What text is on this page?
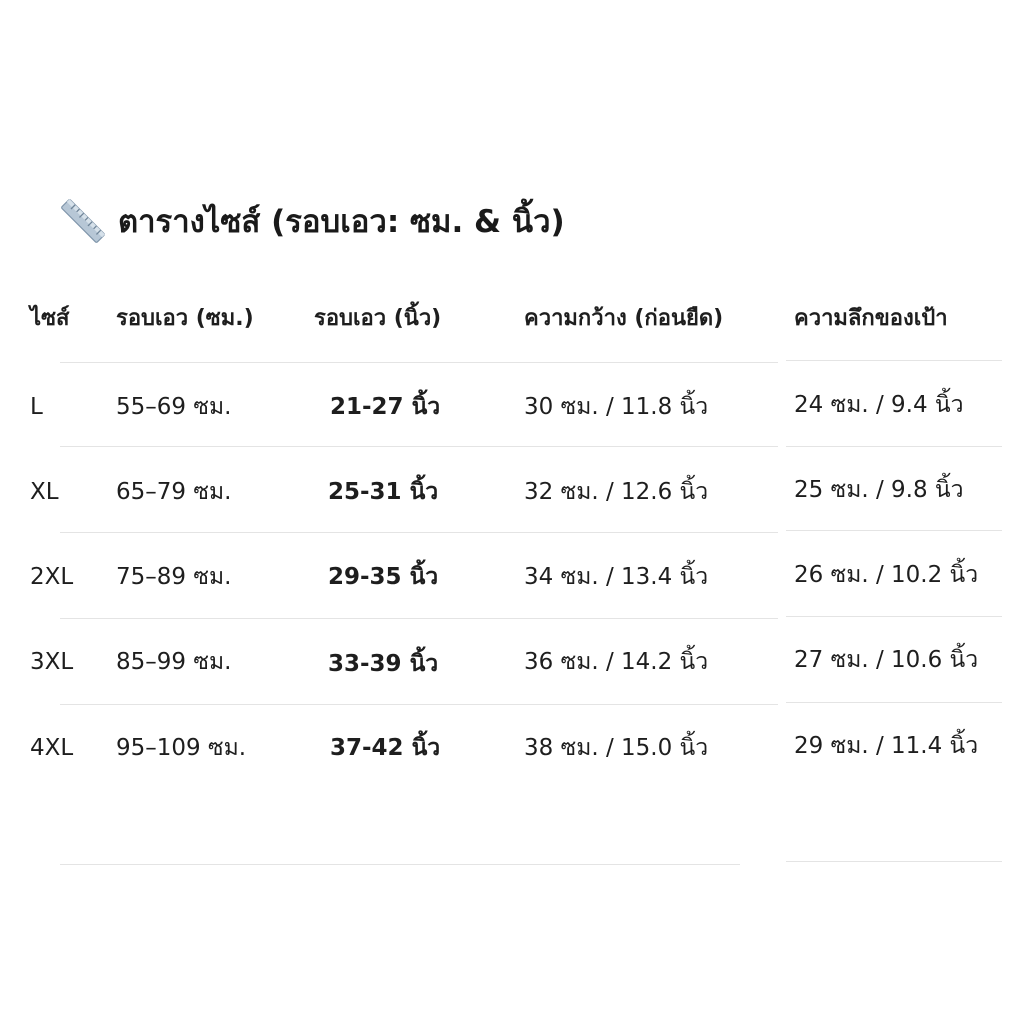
ตารางไซส์ (รอบเอว: ซม. & นิ้ว)
ไซส์ รอบเอว (ซม.)	รอบเอว (นิ้ว)	ความกว้าง (ก่อนยืด)	ความลึกของเป้า
L	55–69 ซม.	21-27 นิ้ว	30 ซม. / 11.8 นิ้ว	24 ซม. / 9.4 นิ้ว
XL 65–79 ซม.	25-31 นิ้ว	32 ซม. / 12.6 นิ้ว	25 ซม. / 9.8 นิ้ว
2XL 75–89 ซม.	29-35 นิ้ว	34 ซม. / 13.4 นิ้ว	26 ซม. / 10.2 นิ้ว
3XL 85–99 ซม.	33-39 นิ้ว	36 ซม. / 14.2 นิ้ว	27 ซม. / 10.6 นิ้ว
4XL 95–109 ซม.	37-42 นิ้ว	38 ซม. / 15.0 นิ้ว	29 ซม. / 11.4 นิ้ว
